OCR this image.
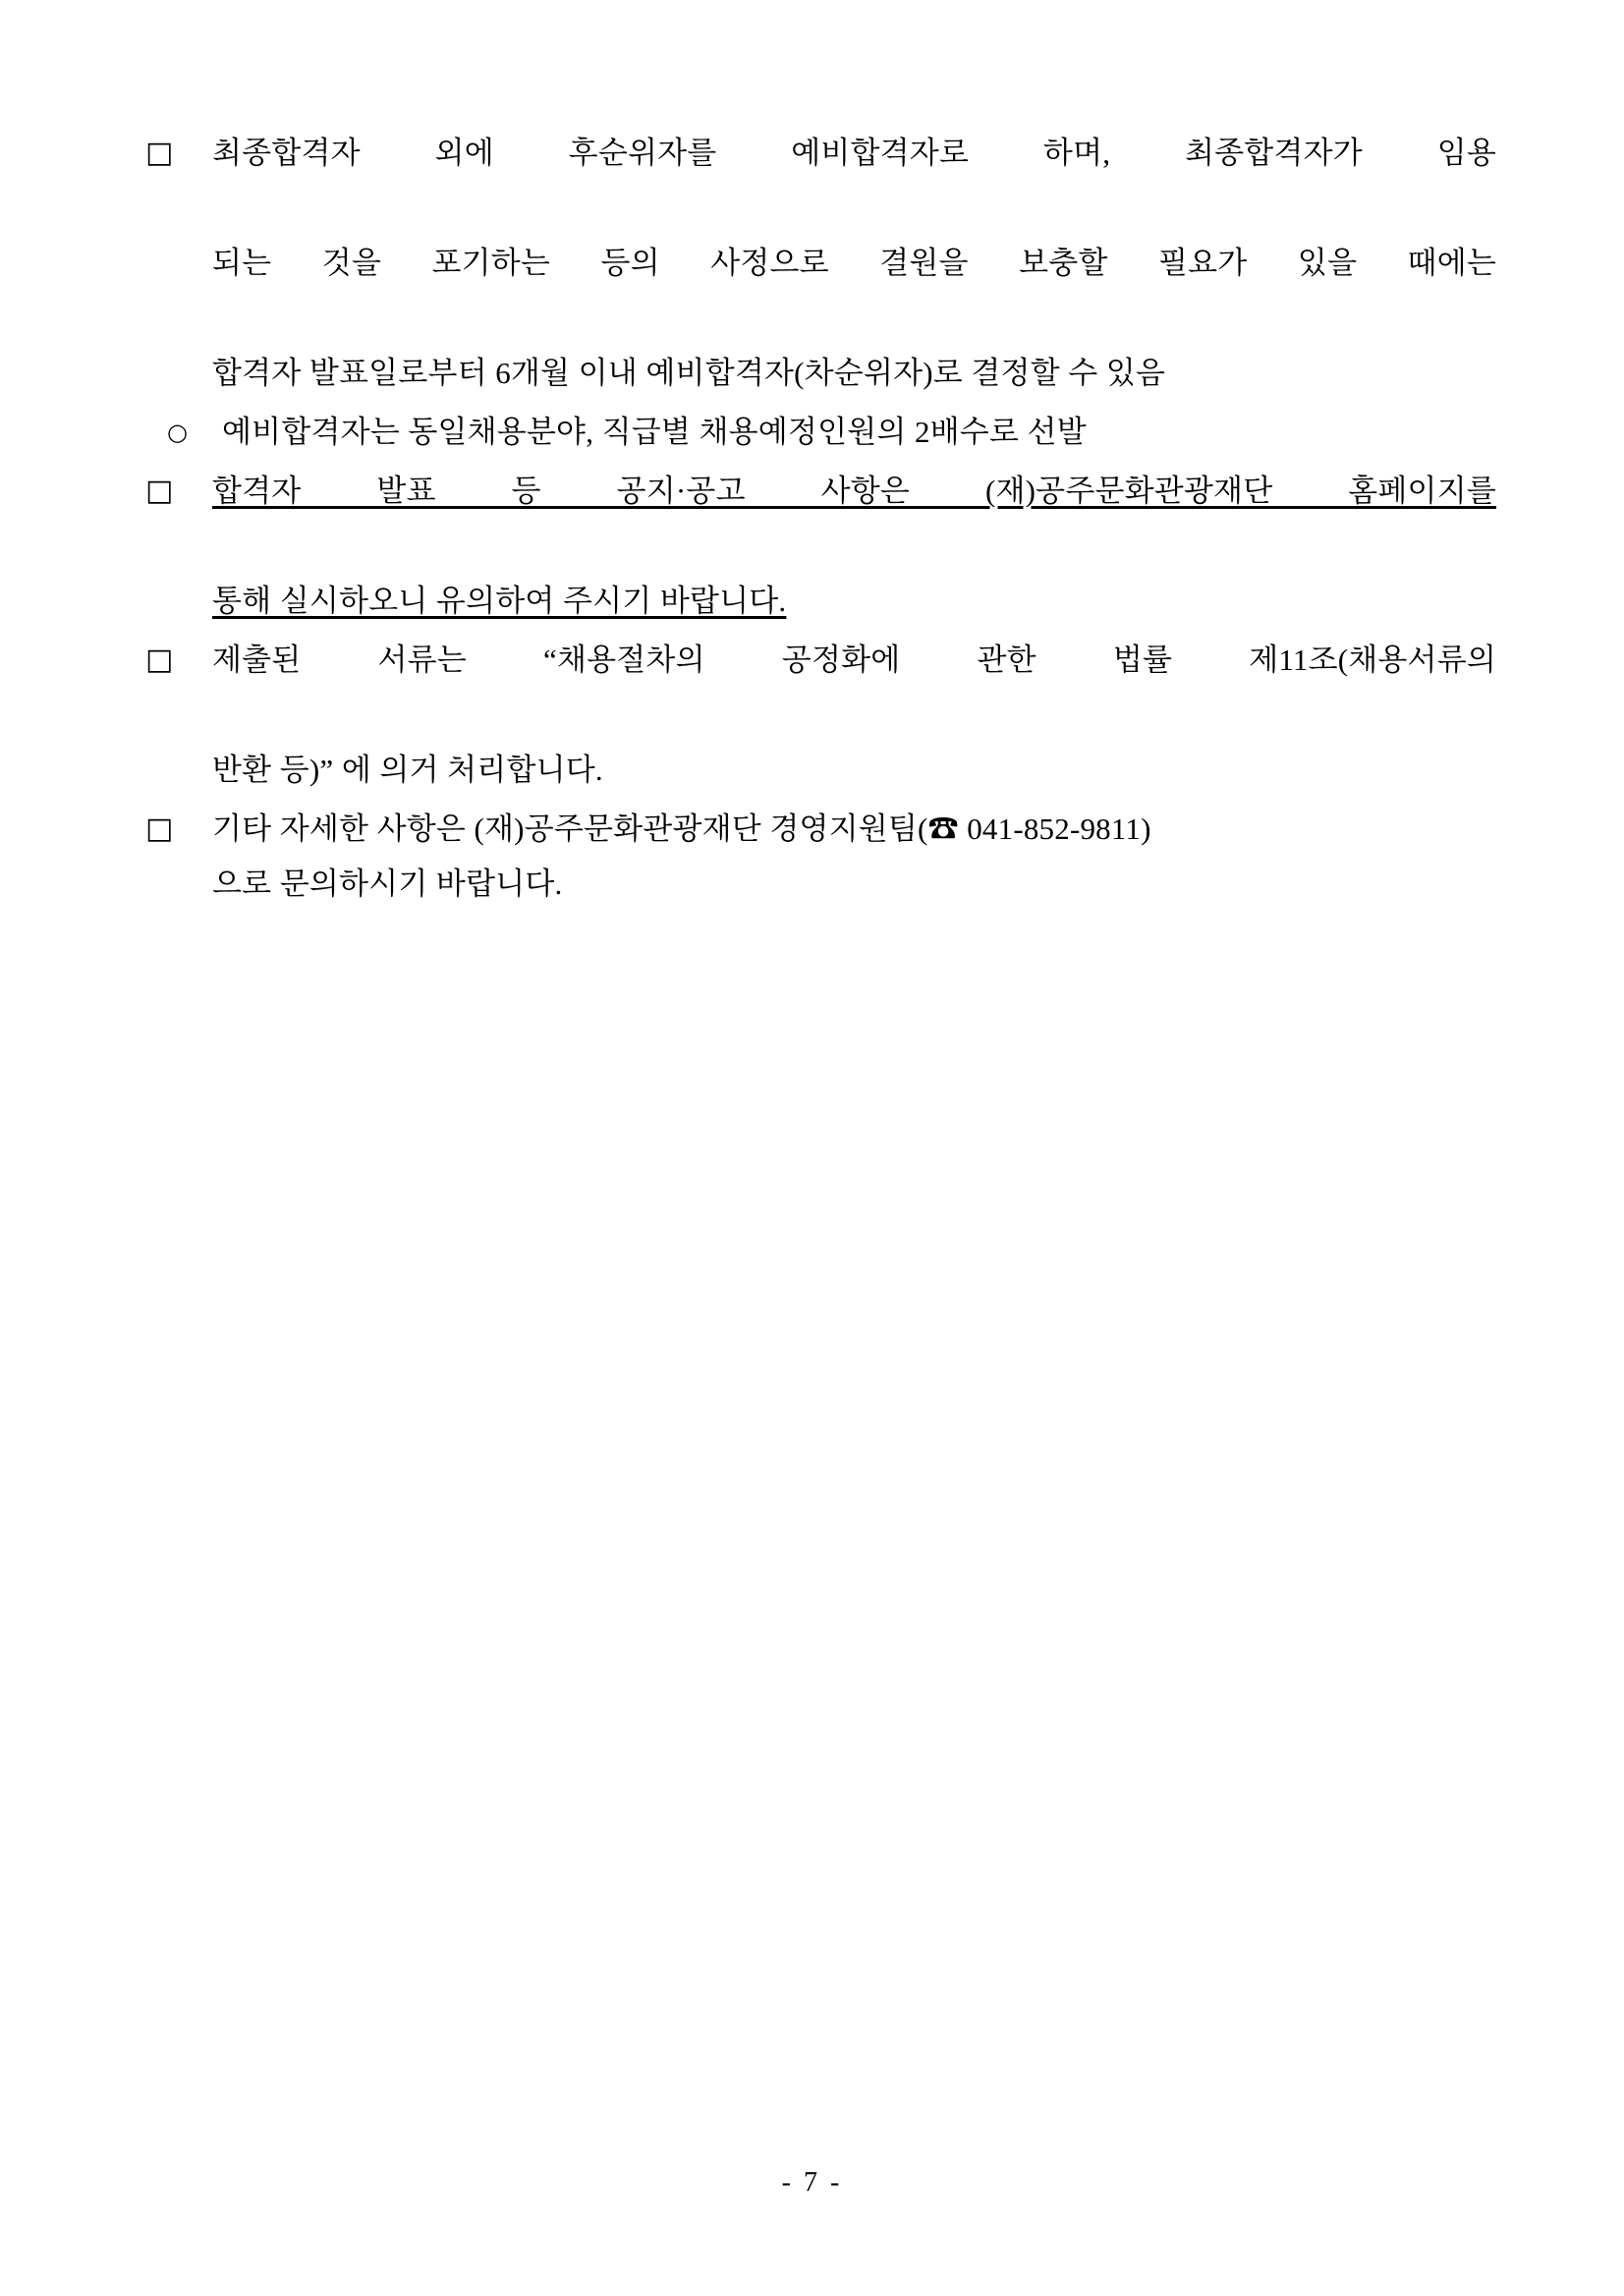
□	최종합격자 외에 후순위자를 예비합격자로 하며, 최종합격자가 임용
되는 것을 포기하는 등의 사정으로 결원을 보충할 필요가 있을 때에는
합격자 발표일로부터 6개월 이내 예비합격자(차순위자)로 결정할 수 있음
○	예비합격자는 동일채용분야, 직급별 채용예정인원의 2배수로 선발
□	합격자 발표 등 공지·공고 사항은 (재)공주문화관광재단 홈페이지를
통해 실시하오니 유의하여 주시기 바랍니다.
□	제출된 서류는 “채용절차의 공정화에 관한 법률 제11조(채용서류의
반환 등)” 에 의거 처리합니다.
□	기타 자세한 사항은 (재)공주문화관광재단 경영지원팀(☎ 041-852-9811)
으로 문의하시기 바랍니다.
- 7 -
